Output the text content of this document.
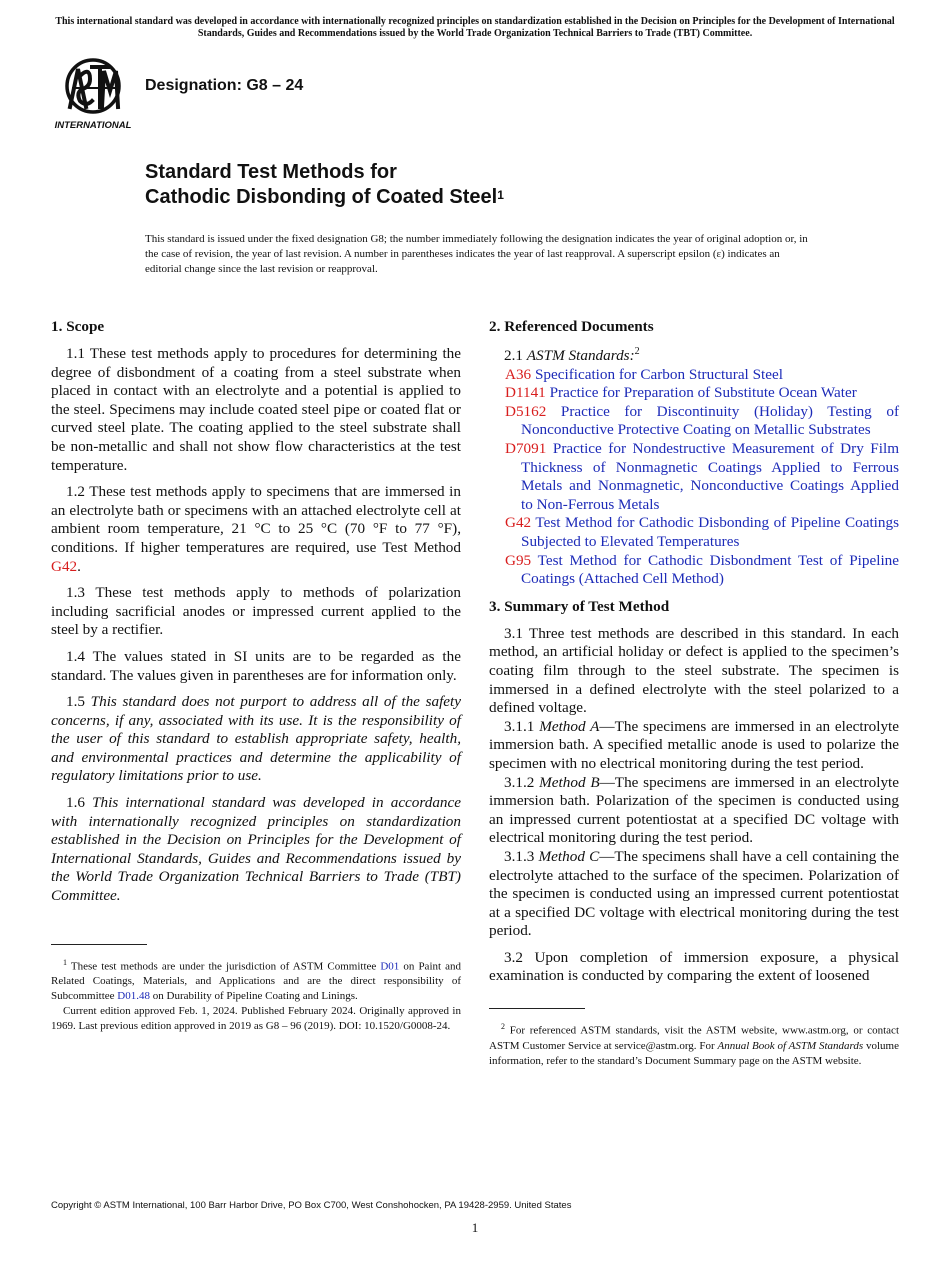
This international standard was developed in accordance with internationally recognized principles on standardization established in the Decision on Principles for the Development of International Standards, Guides and Recommendations issued by the World Trade Organization Technical Barriers to Trade (TBT) Committee.
INTERNATIONAL
Designation: G8 – 24
Standard Test Methods for
Cathodic Disbonding of Coated Steel$^1$
This standard is issued under the fixed designation G8; the number immediately following the designation indicates the year of original adoption or, in the case of revision, the year of last revision. A number in parentheses indicates the year of last reapproval. A superscript epsilon (ε) indicates an editorial change since the last revision or reapproval.
1. Scope

1.1 These test methods apply to procedures for determining the degree of disbondment of a coating from a steel substrate when placed in contact with an electrolyte and a potential is applied to the steel. Specimens may include coated steel pipe or coated flat or curved steel plate. The coating applied to the steel substrate shall be non-metallic and shall not show flow characteristics at the test temperature.

1.2 These test methods apply to specimens that are immersed in an electrolyte bath or specimens with an attached electrolyte cell at ambient room temperature, 21 °C to 25 °C (70 °F to 77 °F), conditions. If higher temperatures are required, use Test Method G42.

1.3 These test methods apply to methods of polarization including sacrificial anodes or impressed current applied to the steel by a rectifier.

1.4 The values stated in SI units are to be regarded as the standard. The values given in parentheses are for information only.

1.5 This standard does not purport to address all of the safety concerns, if any, associated with its use. It is the responsibility of the user of this standard to establish appropriate safety, health, and environmental practices and determine the applicability of regulatory limitations prior to use.

1.6 This international standard was developed in accordance with internationally recognized principles on standardization established in the Decision on Principles for the Development of International Standards, Guides and Recommendations issued by the World Trade Organization Technical Barriers to Trade (TBT) Committee.

$^1$ These test methods are under the jurisdiction of ASTM Committee D01 on Paint and Related Coatings, Materials, and Applications and are the direct responsibility of Subcommittee D01.48 on Durability of Pipeline Coating and Linings.

Current edition approved Feb. 1, 2024. Published February 2024. Originally approved in 1969. Last previous edition approved in 2019 as G8 – 96 (2019). DOI: 10.1520/G0008-24.

2. Referenced Documents

2.1 ASTM Standards:$^2$

A36 Specification for Carbon Structural Steel

D1141 Practice for Preparation of Substitute Ocean Water

D5162 Practice for Discontinuity (Holiday) Testing of Nonconductive Protective Coating on Metallic Substrates

D7091 Practice for Nondestructive Measurement of Dry Film Thickness of Nonmagnetic Coatings Applied to Ferrous Metals and Nonmagnetic, Nonconductive Coatings Applied to Non-Ferrous Metals

G42 Test Method for Cathodic Disbonding of Pipeline Coatings Subjected to Elevated Temperatures

G95 Test Method for Cathodic Disbondment Test of Pipeline Coatings (Attached Cell Method)

3. Summary of Test Method

3.1 Three test methods are described in this standard. In each method, an artificial holiday or defect is applied to the specimen’s coating film through to the steel substrate. The specimen is immersed in a defined electrolyte with the steel polarized to a defined voltage.

3.1.1 Method A—The specimens are immersed in an electrolyte immersion bath. A specified metallic anode is used to polarize the specimen with no electrical monitoring during the test period.

3.1.2 Method B—The specimens are immersed in an electrolyte immersion bath. Polarization of the specimen is conducted using an impressed current potentiostat at a specified DC voltage with electrical monitoring during the test period.

3.1.3 Method C—The specimens shall have a cell containing the electrolyte attached to the surface of the specimen. Polarization of the specimen is conducted using an impressed current potentiostat at a specified DC voltage with electrical monitoring during the test period.

3.2 Upon completion of immersion exposure, a physical examination is conducted by comparing the extent of loosened

$^2$ For referenced ASTM standards, visit the ASTM website, www.astm.org, or contact ASTM Customer Service at service@astm.org. For Annual Book of ASTM Standards volume information, refer to the standard’s Document Summary page on the ASTM website.

Copyright © ASTM International, 100 Barr Harbor Drive, PO Box C700, West Conshohocken, PA 19428-2959. United States
1
